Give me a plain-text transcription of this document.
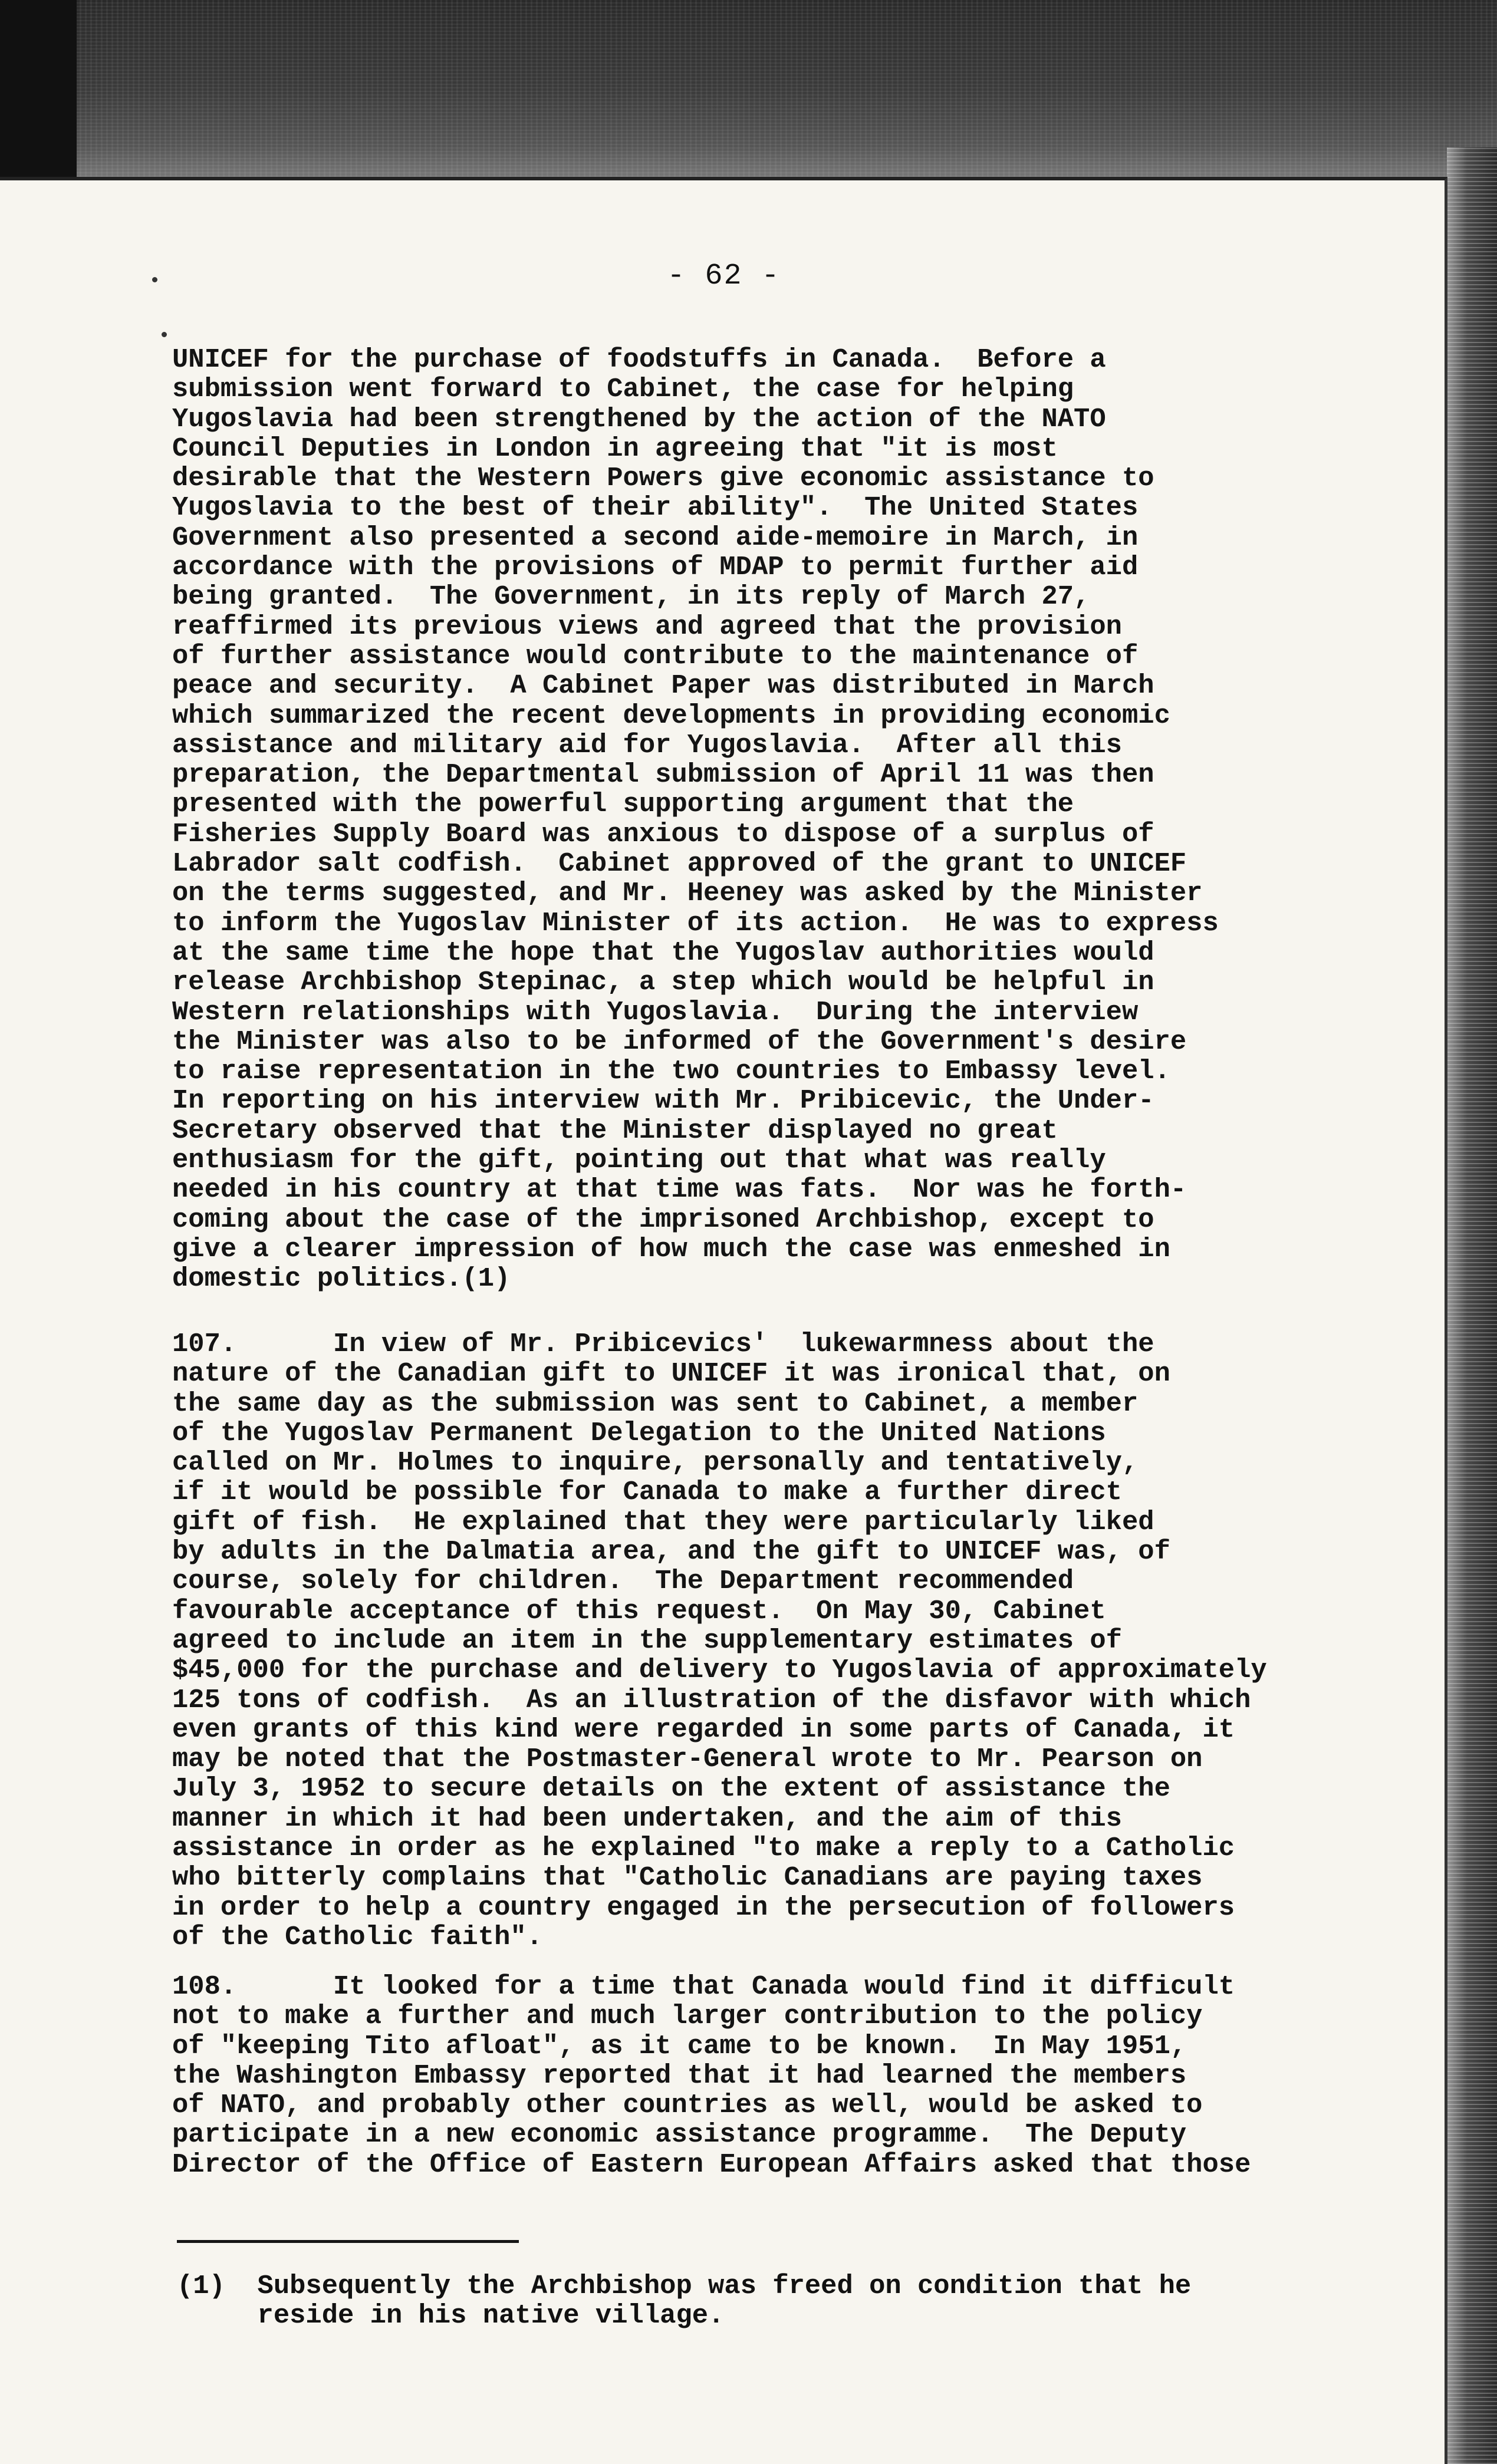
- 62 -
UNICEF for the purchase of foodstuffs in Canada.  Before a
submission went forward to Cabinet, the case for helping
Yugoslavia had been strengthened by the action of the NATO
Council Deputies in London in agreeing that "it is most
desirable that the Western Powers give economic assistance to
Yugoslavia to the best of their ability".  The United States
Government also presented a second aide-memoire in March, in
accordance with the provisions of MDAP to permit further aid
being granted.  The Government, in its reply of March 27,
reaffirmed its previous views and agreed that the provision
of further assistance would contribute to the maintenance of
peace and security.  A Cabinet Paper was distributed in March
which summarized the recent developments in providing economic
assistance and military aid for Yugoslavia.  After all this
preparation, the Departmental submission of April 11 was then
presented with the powerful supporting argument that the
Fisheries Supply Board was anxious to dispose of a surplus of
Labrador salt codfish.  Cabinet approved of the grant to UNICEF
on the terms suggested, and Mr. Heeney was asked by the Minister
to inform the Yugoslav Minister of its action.  He was to express
at the same time the hope that the Yugoslav authorities would
release Archbishop Stepinac, a step which would be helpful in
Western relationships with Yugoslavia.  During the interview
the Minister was also to be informed of the Government's desire
to raise representation in the two countries to Embassy level.
In reporting on his interview with Mr. Pribicevic, the Under-
Secretary observed that the Minister displayed no great
enthusiasm for the gift, pointing out that what was really
needed in his country at that time was fats.  Nor was he forth-
coming about the case of the imprisoned Archbishop, except to
give a clearer impression of how much the case was enmeshed in
domestic politics.(1)
107.      In view of Mr. Pribicevics'  lukewarmness about the
nature of the Canadian gift to UNICEF it was ironical that, on
the same day as the submission was sent to Cabinet, a member
of the Yugoslav Permanent Delegation to the United Nations
called on Mr. Holmes to inquire, personally and tentatively,
if it would be possible for Canada to make a further direct
gift of fish.  He explained that they were particularly liked
by adults in the Dalmatia area, and the gift to UNICEF was, of
course, solely for children.  The Department recommended
favourable acceptance of this request.  On May 30, Cabinet
agreed to include an item in the supplementary estimates of
$45,000 for the purchase and delivery to Yugoslavia of approximately
125 tons of codfish.  As an illustration of the disfavor with which
even grants of this kind were regarded in some parts of Canada, it
may be noted that the Postmaster-General wrote to Mr. Pearson on
July 3, 1952 to secure details on the extent of assistance the
manner in which it had been undertaken, and the aim of this
assistance in order as he explained "to make a reply to a Catholic
who bitterly complains that "Catholic Canadians are paying taxes
in order to help a country engaged in the persecution of followers
of the Catholic faith".
108.      It looked for a time that Canada would find it difficult
not to make a further and much larger contribution to the policy
of "keeping Tito afloat", as it came to be known.  In May 1951,
the Washington Embassy reported that it had learned the members
of NATO, and probably other countries as well, would be asked to
participate in a new economic assistance programme.  The Deputy
Director of the Office of Eastern European Affairs asked that those
(1)  Subsequently the Archbishop was freed on condition that he
reside in his native village.
